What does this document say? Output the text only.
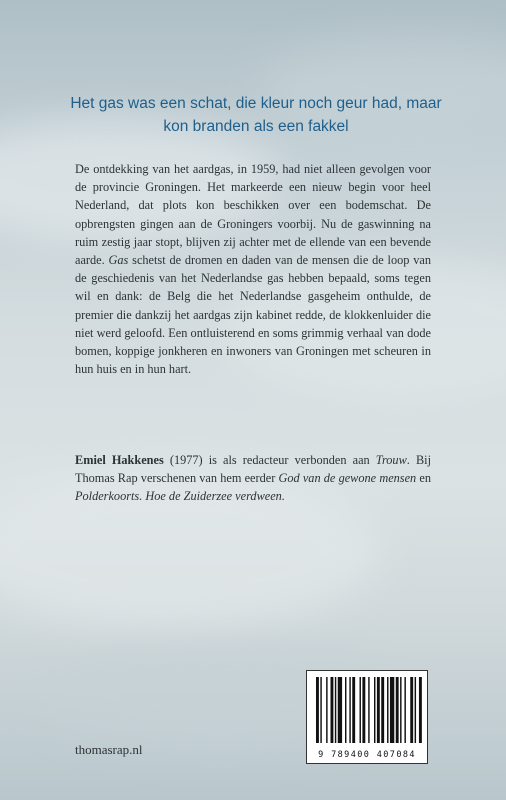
Het gas was een schat, die kleur noch geur had, maar kon branden als een fakkel

De ontdekking van het aardgas, in 1959, had niet alleen gevolgen voor de provincie Groningen. Het markeerde een nieuw begin voor heel Nederland, dat plots kon beschikken over een bodemschat. De opbrengsten gingen aan de Groningers voorbij. Nu de gaswinning na ruim zestig jaar stopt, blijven zij achter met de ellende van een bevende aarde. Gas schetst de dromen en daden van de mensen die de loop van de geschiedenis van het Nederlandse gas hebben bepaald, soms tegen wil en dank: de Belg die het Nederlandse gasgeheim onthulde, de premier die dankzij het aardgas zijn kabinet redde, de klokkenluider die niet werd geloofd. Een ontluisterend en soms grimmig verhaal van dode bomen, koppige jonkheren en inwoners van Groningen met scheuren in hun huis en in hun hart.

Emiel Hakkenes (1977) is als redacteur verbonden aan Trouw. Bij Thomas Rap verschenen van hem eerder God van de gewone mensen en Polderkoorts. Hoe de Zuiderzee verdween.

thomasrap.nl	9 789400 407084
